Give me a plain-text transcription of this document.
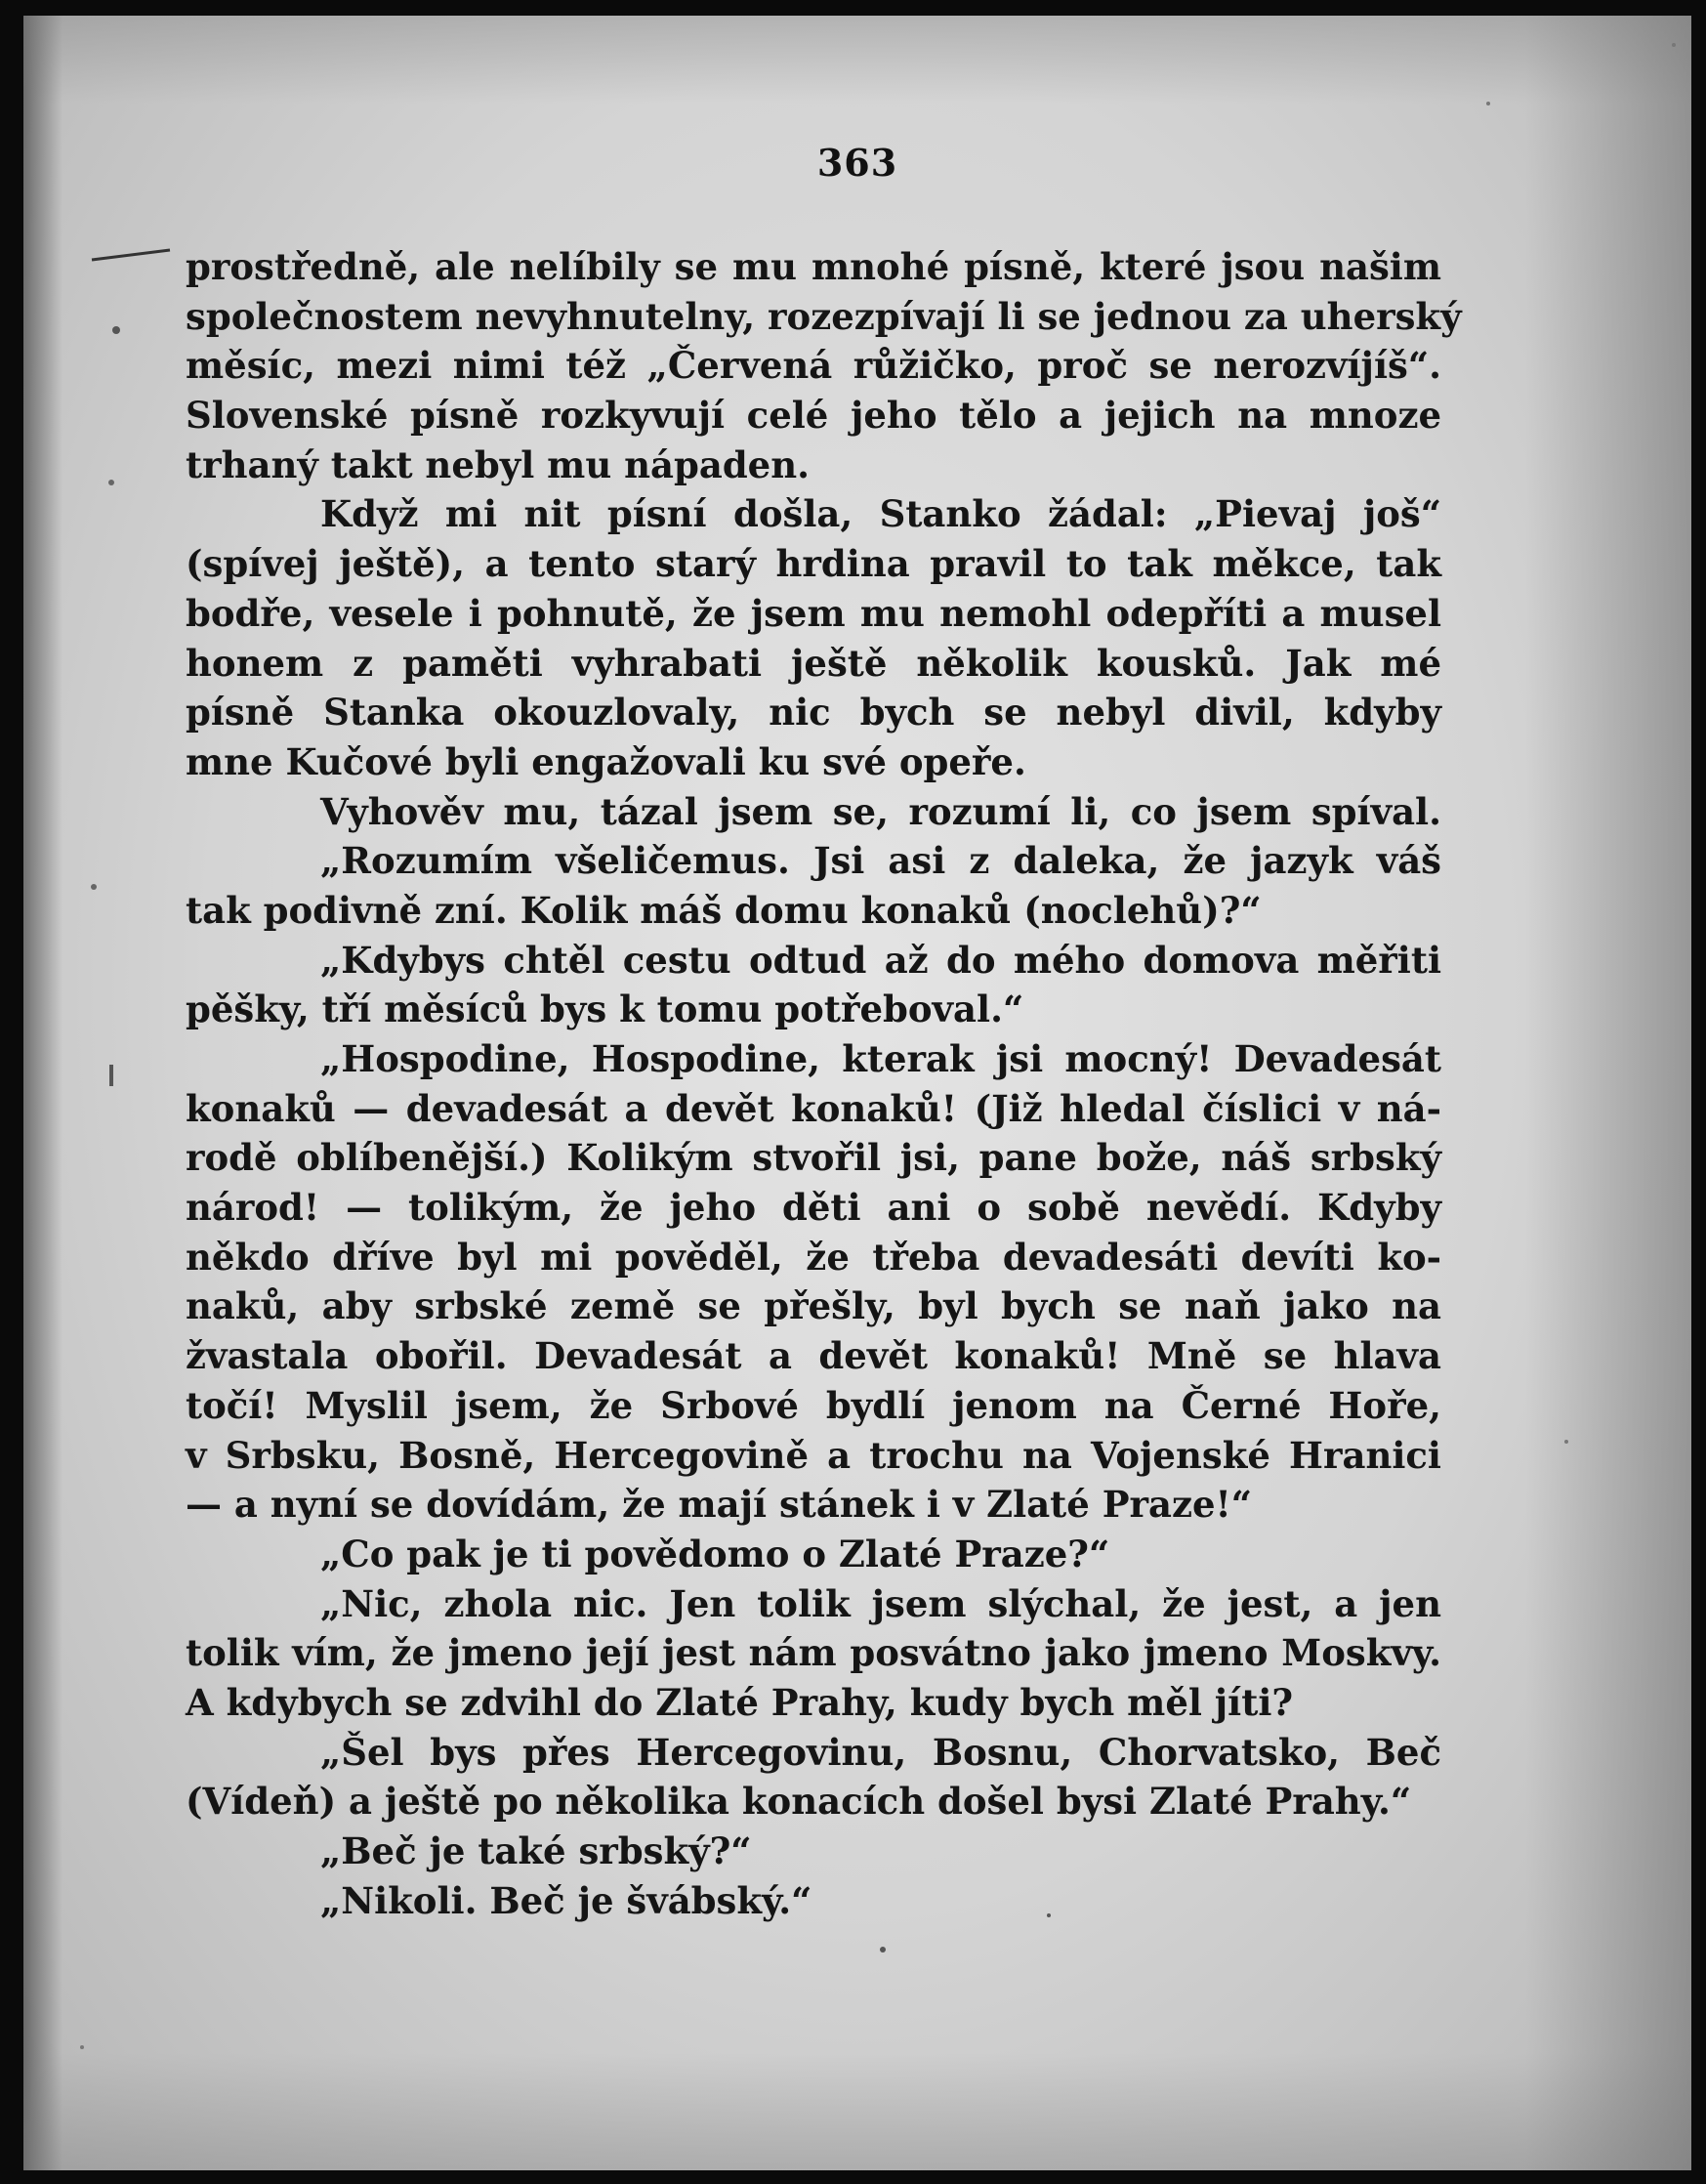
363
prostředně, ale nelíbily se mu mnohé písně, které jsou našim
společnostem nevyhnutelny, rozezpívají li se jednou za uherský
měsíc, mezi nimi též „Červená růžičko, proč se nerozvíjíš“.
Slovenské písně rozkyvují celé jeho tělo a jejich na mnoze
trhaný takt nebyl mu nápaden.
Když mi nit písní došla, Stanko žádal: „Pievaj još“
(spívej ještě), a tento starý hrdina pravil to tak měkce, tak
bodře, vesele i pohnutě, že jsem mu nemohl odepříti a musel
honem z paměti vyhrabati ještě několik kousků. Jak mé
písně Stanka okouzlovaly, nic bych se nebyl divil, kdyby
mne Kučové byli engažovali ku své opeře.
Vyhověv mu, tázal jsem se, rozumí li, co jsem spíval.
„Rozumím všeličemus. Jsi asi z daleka, že jazyk váš
tak podivně zní. Kolik máš domu konaků (noclehů)?“
„Kdybys chtěl cestu odtud až do mého domova měřiti
pěšky, tří měsíců bys k tomu potřeboval.“
„Hospodine, Hospodine, kterak jsi mocný! Devadesát
konaků — devadesát a devět konaků! (Již hledal číslici v ná-
rodě oblíbenější.) Kolikým stvořil jsi, pane bože, náš srbský
národ! — tolikým, že jeho děti ani o sobě nevědí. Kdyby
někdo dříve byl mi pověděl, že třeba devadesáti devíti ko-
naků, aby srbské země se přešly, byl bych se naň jako na
žvastala obořil. Devadesát a devět konaků! Mně se hlava
točí! Myslil jsem, že Srbové bydlí jenom na Černé Hoře,
v Srbsku, Bosně, Hercegovině a trochu na Vojenské Hranici
— a nyní se dovídám, že mají stánek i v Zlaté Praze!“
„Co pak je ti povědomo o Zlaté Praze?“
„Nic, zhola nic. Jen tolik jsem slýchal, že jest, a jen
tolik vím, že jmeno její jest nám posvátno jako jmeno Moskvy.
A kdybych se zdvihl do Zlaté Prahy, kudy bych měl jíti?
„Šel bys přes Hercegovinu, Bosnu, Chorvatsko, Beč
(Vídeň) a ještě po několika konacích došel bysi Zlaté Prahy.“
„Beč je také srbský?“
„Nikoli. Beč je švábský.“
